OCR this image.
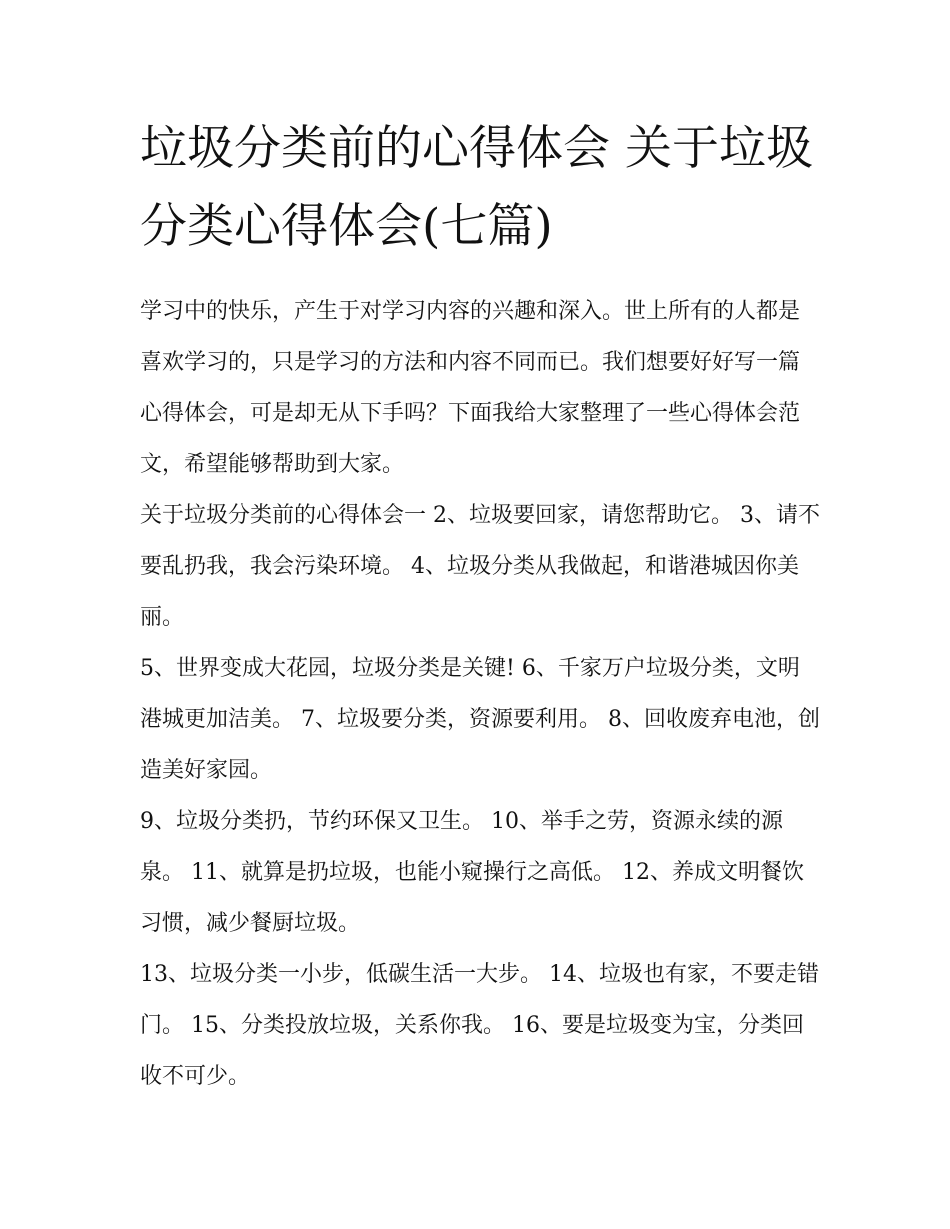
垃圾分类前的心得体会 关于垃圾分类心得体会(七篇)

学习中的快乐，产生于对学习内容的兴趣和深入。世上所有的人都是喜欢学习的，只是学习的方法和内容不同而已。我们想要好好写一篇心得体会，可是却无从下手吗？下面我给大家整理了一些心得体会范文，希望能够帮助到大家。

关于垃圾分类前的心得体会一 2、垃圾要回家，请您帮助它。 3、请不要乱扔我，我会污染环境。 4、垃圾分类从我做起，和谐港城因你美丽。

5、世界变成大花园，垃圾分类是关键! 6、千家万户垃圾分类，文明港城更加洁美。 7、垃圾要分类，资源要利用。 8、回收废弃电池，创造美好家园。

9、垃圾分类扔，节约环保又卫生。 10、举手之劳，资源永续的源泉。 11、就算是扔垃圾，也能小窥操行之高低。 12、养成文明餐饮习惯，减少餐厨垃圾。

13、垃圾分类一小步，低碳生活一大步。 14、垃圾也有家，不要走错门。 15、分类投放垃圾，关系你我。 16、要是垃圾变为宝，分类回收不可少。
